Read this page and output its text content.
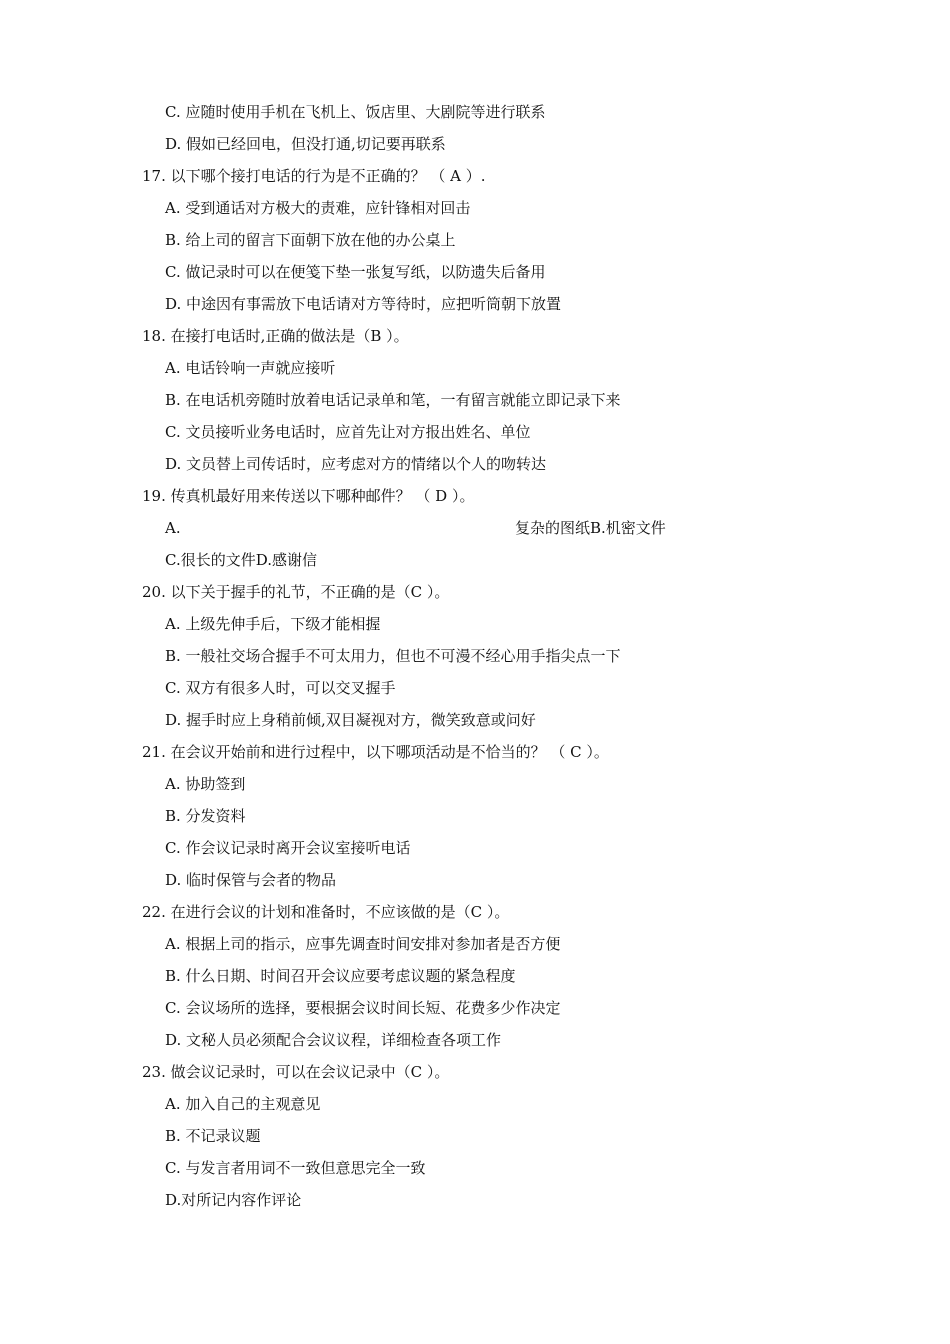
C. 应随时使用手机在飞机上、饭店里、大剧院等进行联系
D. 假如已经回电，但没打通,切记要再联系
17. 以下哪个接打电话的行为是不正确的？ （ A ）.
A. 受到通话对方极大的责难，应针锋相对回击
B. 给上司的留言下面朝下放在他的办公桌上
C. 做记录时可以在便笺下垫一张复写纸，以防遗失后备用
D. 中途因有事需放下电话请对方等待时，应把听筒朝下放置
18. 在接打电话时,正确的做法是（B ）。
A. 电话铃响一声就应接听
B. 在电话机旁随时放着电话记录单和笔，一有留言就能立即记录下来
C. 文员接听业务电话时，应首先让对方报出姓名、单位
D. 文员替上司传话时，应考虑对方的情绪以个人的吻转达
19. 传真机最好用来传送以下哪种邮件？ （ D ）。
A.	复杂的图纸B.机密文件
C.很长的文件D.感谢信
20. 以下关于握手的礼节，不正确的是（C ）。
A. 上级先伸手后，下级才能相握
B. 一般社交场合握手不可太用力，但也不可漫不经心用手指尖点一下
C. 双方有很多人时，可以交叉握手
D. 握手时应上身稍前倾,双目凝视对方，微笑致意或问好
21. 在会议开始前和进行过程中，以下哪项活动是不恰当的？ （ C ）。
A. 协助签到
B. 分发资料
C. 作会议记录时离开会议室接听电话
D. 临时保管与会者的物品
22. 在进行会议的计划和准备时，不应该做的是（C ）。
A. 根据上司的指示，应事先调查时间安排对参加者是否方便
B. 什么日期、时间召开会议应要考虑议题的紧急程度
C. 会议场所的选择，要根据会议时间长短、花费多少作决定
D. 文秘人员必须配合会议议程，详细检查各项工作
23. 做会议记录时，可以在会议记录中（C ）。
A. 加入自己的主观意见
B. 不记录议题
C. 与发言者用词不一致但意思完全一致
D.对所记内容作评论
